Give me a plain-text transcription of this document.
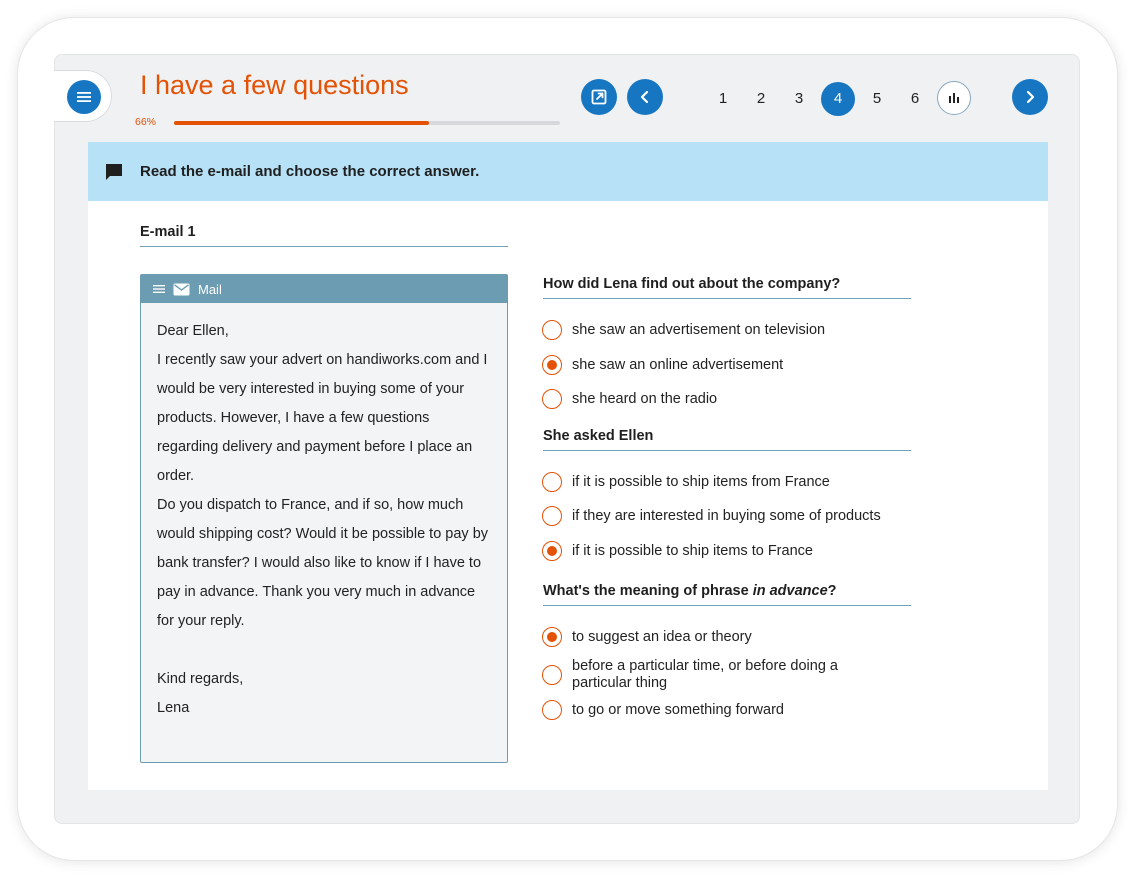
I have a few questions
66%
1	2	3	4	5	6
Read the e-mail and choose the correct answer.
E-mail 1
Mail

Dear Ellen,

I recently saw your advert on handiworks.com and I would be very interested in buying some of your products. However, I have a few questions regarding delivery and payment before I place an order.

Do you dispatch to France, and if so, how much would shipping cost? Would it be possible to pay by bank transfer? I would also like to know if I have to pay in advance. Thank you very much in advance for your reply.

Kind regards,

Lena

How did Lena find out about the company?
she saw an advertisement on television
she saw an online advertisement
she heard on the radio
She asked Ellen
if it is possible to ship items from France
if they are interested in buying some of products
if it is possible to ship items to France
What's the meaning of phrase in advance?
to suggest an idea or theory
before a particular time, or before doing a particular thing
to go or move something forward
